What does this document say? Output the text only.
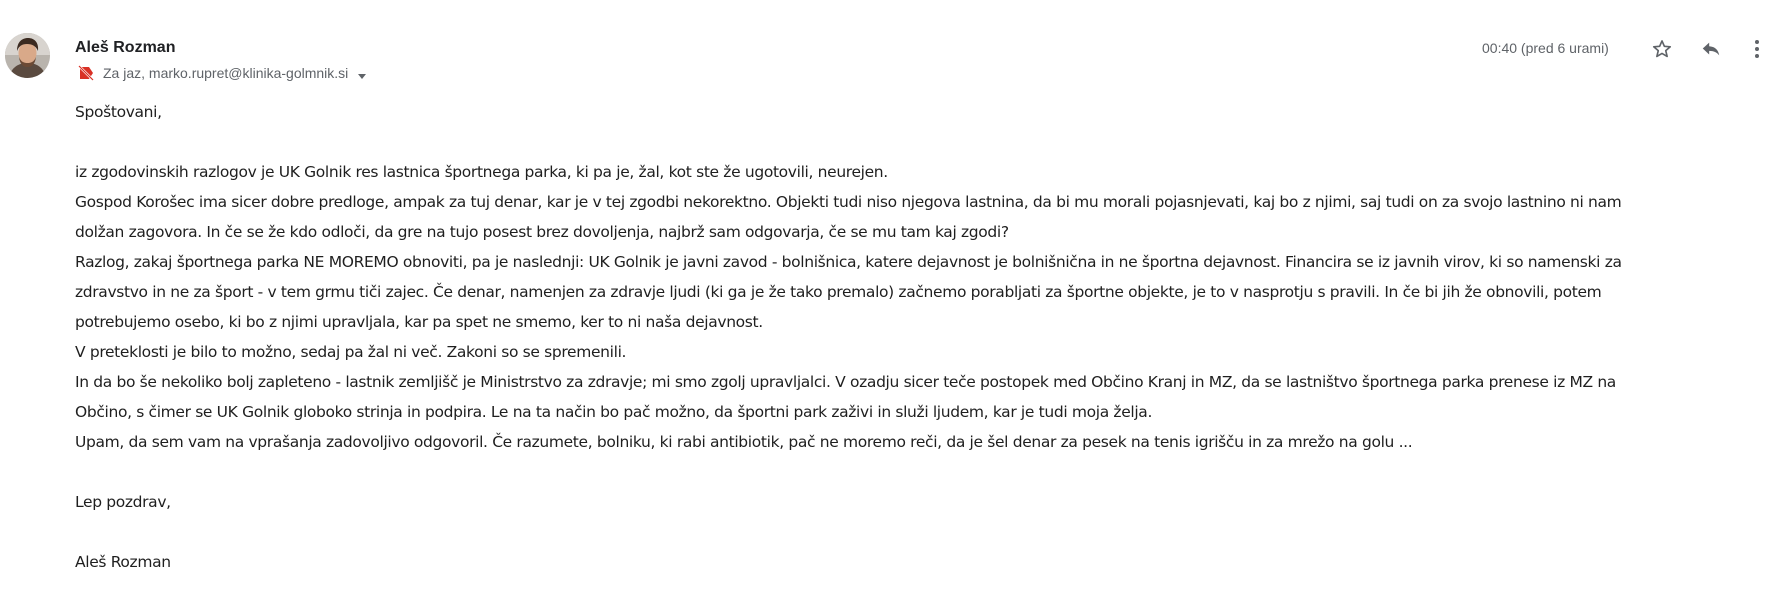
Aleš Rozman
Za jaz, marko.rupret@klinika-golmnik.si
00:40 (pred 6 urami)
Spoštovani,
iz zgodovinskih razlogov je UK Golnik res lastnica športnega parka, ki pa je, žal, kot ste že ugotovili, neurejen.
Gospod Korošec ima sicer dobre predloge, ampak za tuj denar, kar je v tej zgodbi nekorektno. Objekti tudi niso njegova lastnina, da bi mu morali pojasnjevati, kaj bo z njimi, saj tudi on za svojo lastnino ni nam
dolžan zagovora. In če se že kdo odloči, da gre na tujo posest brez dovoljenja, najbrž sam odgovarja, če se mu tam kaj zgodi?
Razlog, zakaj športnega parka NE MOREMO obnoviti, pa je naslednji: UK Golnik je javni zavod - bolnišnica, katere dejavnost je bolnišnična in ne športna dejavnost. Financira se iz javnih virov, ki so namenski za
zdravstvo in ne za šport - v tem grmu tiči zajec. Če denar, namenjen za zdravje ljudi (ki ga je že tako premalo) začnemo porabljati za športne objekte, je to v nasprotju s pravili. In če bi jih že obnovili, potem
potrebujemo osebo, ki bo z njimi upravljala, kar pa spet ne smemo, ker to ni naša dejavnost.
V preteklosti je bilo to možno, sedaj pa žal ni več. Zakoni so se spremenili.
In da bo še nekoliko bolj zapleteno - lastnik zemljišč je Ministrstvo za zdravje; mi smo zgolj upravljalci. V ozadju sicer teče postopek med Občino Kranj in MZ, da se lastništvo športnega parka prenese iz MZ na
Občino, s čimer se UK Golnik globoko strinja in podpira. Le na ta način bo pač možno, da športni park zaživi in služi ljudem, kar je tudi moja želja.
Upam, da sem vam na vprašanja zadovoljivo odgovoril. Če razumete, bolniku, ki rabi antibiotik, pač ne moremo reči, da je šel denar za pesek na tenis igrišču in za mrežo na golu ...
Lep pozdrav,
Aleš Rozman
